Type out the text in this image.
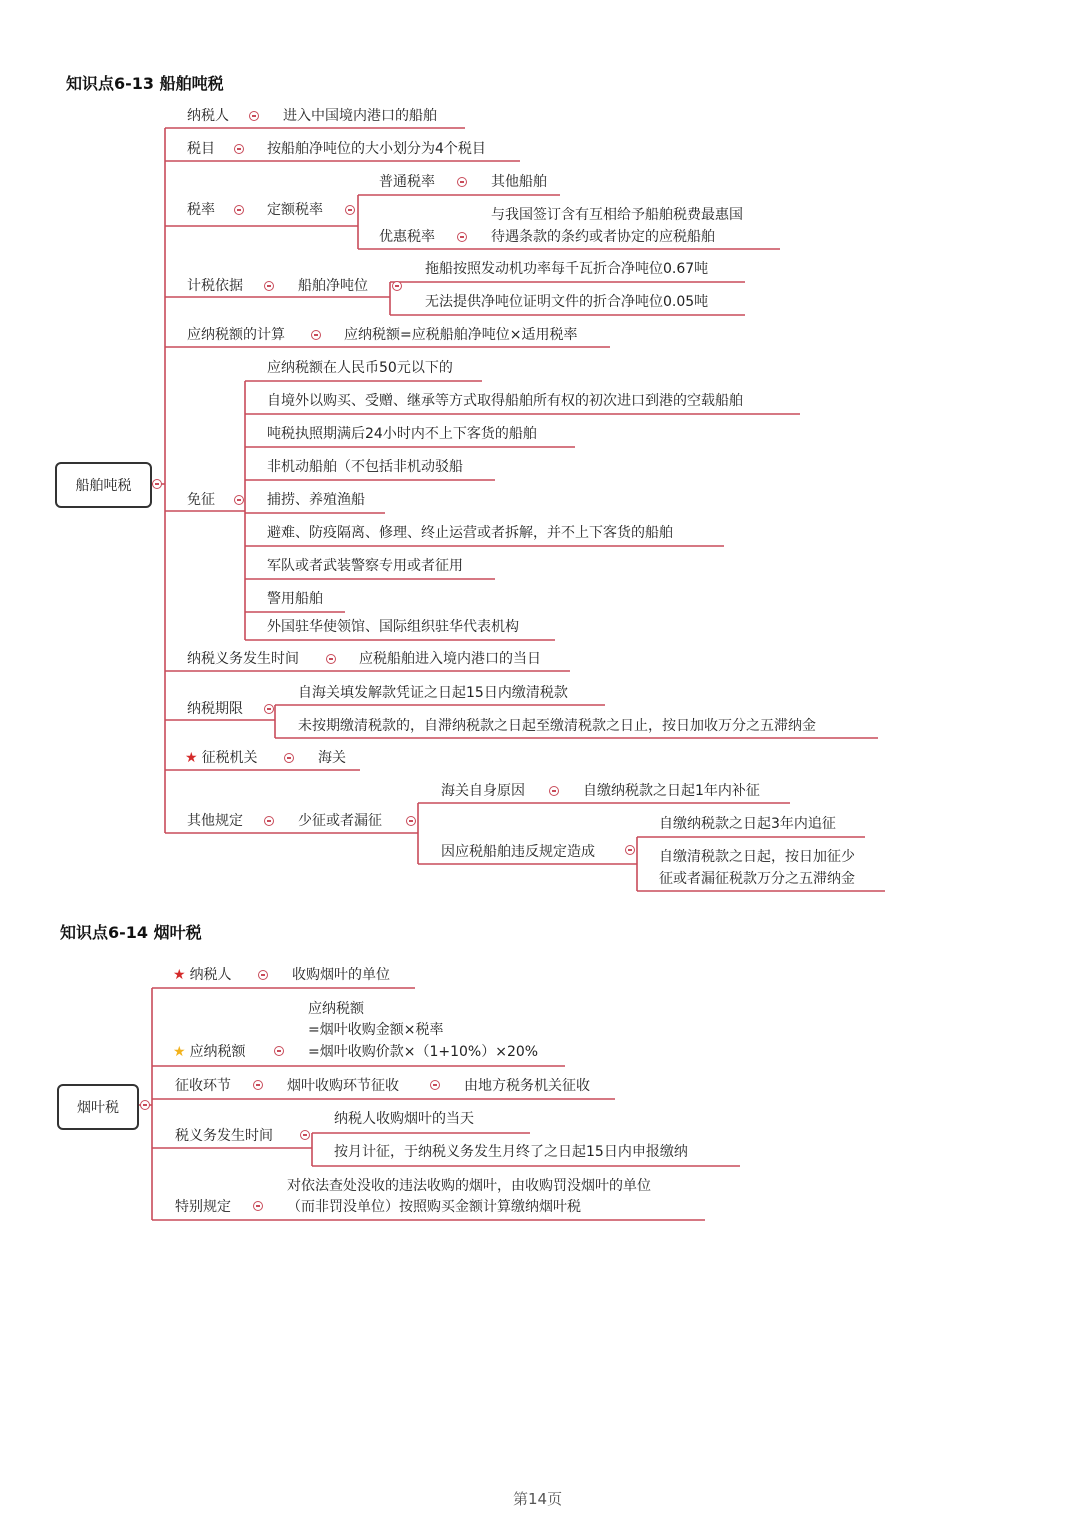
知识点6-13 船舶吨税
船舶吨税
纳税人	进入中国境内港口的船舶
税目	按船舶净吨位的大小划分为4个税目
税率	定额税率
普通税率	其他船舶
优惠税率
与我国签订含有互相给予船舶税费最惠国
待遇条款的条约或者协定的应税船舶
计税依据	船舶净吨位
拖船按照发动机功率每千瓦折合净吨位0.67吨
无法提供净吨位证明文件的折合净吨位0.05吨
应纳税额的计算	应纳税额=应税船舶净吨位×适用税率
免征
应纳税额在人民币50元以下的
自境外以购买、受赠、继承等方式取得船舶所有权的初次进口到港的空载船舶
吨税执照期满后24小时内不上下客货的船舶
非机动船舶（不包括非机动驳船
捕捞、养殖渔船
避难、防疫隔离、修理、终止运营或者拆解，并不上下客货的船舶
军队或者武装警察专用或者征用
警用船舶
外国驻华使领馆、国际组织驻华代表机构
纳税义务发生时间	应税船舶进入境内港口的当日
纳税期限
自海关填发解款凭证之日起15日内缴清税款
未按期缴清税款的，自滞纳税款之日起至缴清税款之日止，按日加收万分之五滞纳金
★ 征税机关	海关
其他规定	少征或者漏征
海关自身原因	自缴纳税款之日起1年内补征
因应税船舶违反规定造成
自缴纳税款之日起3年内追征
自缴清税款之日起，按日加征少
征或者漏征税款万分之五滞纳金
知识点6-14 烟叶税
烟叶税
★ 纳税人	收购烟叶的单位
★ 应纳税额
应纳税额
=烟叶收购金额×税率
=烟叶收购价款×（1+10%）×20%
征收环节	烟叶收购环节征收	由地方税务机关征收
税义务发生时间
纳税人收购烟叶的当天
按月计征，于纳税义务发生月终了之日起15日内申报缴纳
特别规定
对依法查处没收的违法收购的烟叶，由收购罚没烟叶的单位
（而非罚没单位）按照购买金额计算缴纳烟叶税
第14页
